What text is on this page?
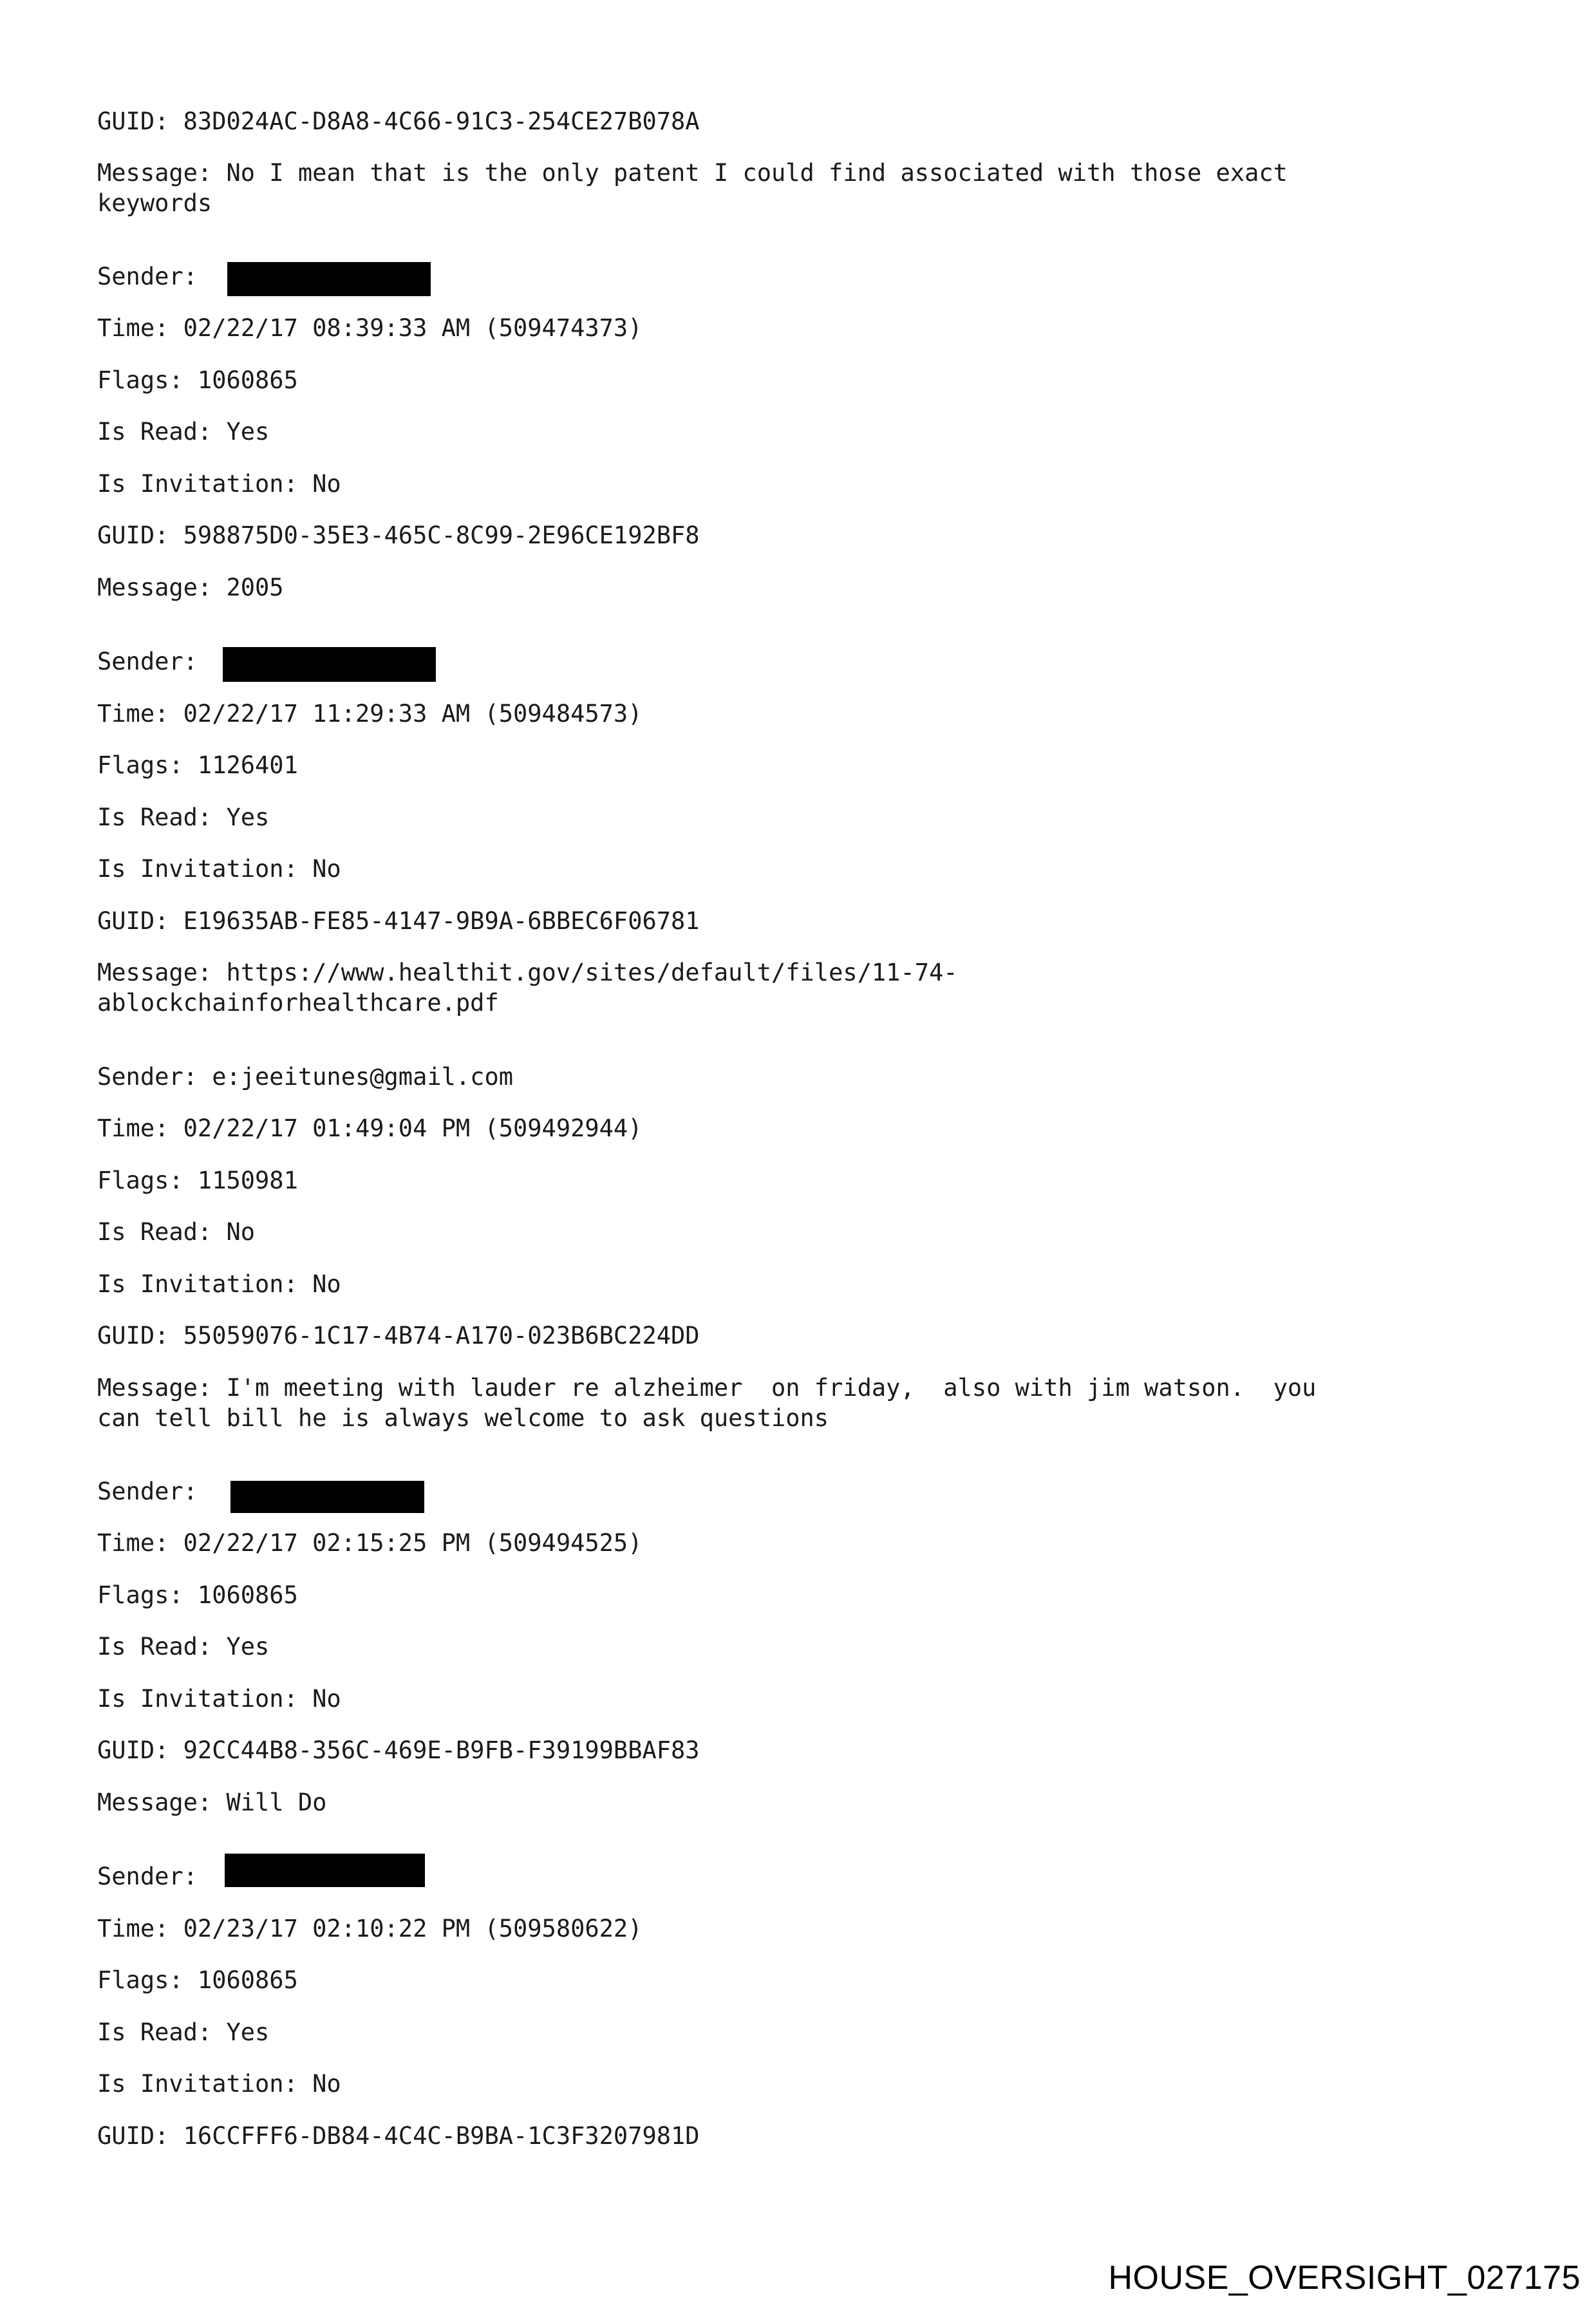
GUID: 83D024AC-D8A8-4C66-91C3-254CE27B078A
Message: No I mean that is the only patent I could find associated with those exact
keywords
Sender:
Time: 02/22/17 08:39:33 AM (509474373)
Flags: 1060865
Is Read: Yes
Is Invitation: No
GUID: 598875D0-35E3-465C-8C99-2E96CE192BF8
Message: 2005
Sender:
Time: 02/22/17 11:29:33 AM (509484573)
Flags: 1126401
Is Read: Yes
Is Invitation: No
GUID: E19635AB-FE85-4147-9B9A-6BBEC6F06781
Message: https://www.healthit.gov/sites/default/files/11-74-
ablockchainforhealthcare.pdf
Sender: e:jeeitunes@gmail.com
Time: 02/22/17 01:49:04 PM (509492944)
Flags: 1150981
Is Read: No
Is Invitation: No
GUID: 55059076-1C17-4B74-A170-023B6BC224DD
Message: I'm meeting with lauder re alzheimer  on friday,  also with jim watson.  you
can tell bill he is always welcome to ask questions
Sender:
Time: 02/22/17 02:15:25 PM (509494525)
Flags: 1060865
Is Read: Yes
Is Invitation: No
GUID: 92CC44B8-356C-469E-B9FB-F39199BBAF83
Message: Will Do
Sender:
Time: 02/23/17 02:10:22 PM (509580622)
Flags: 1060865
Is Read: Yes
Is Invitation: No
GUID: 16CCFFF6-DB84-4C4C-B9BA-1C3F3207981D
HOUSE_OVERSIGHT_027175
